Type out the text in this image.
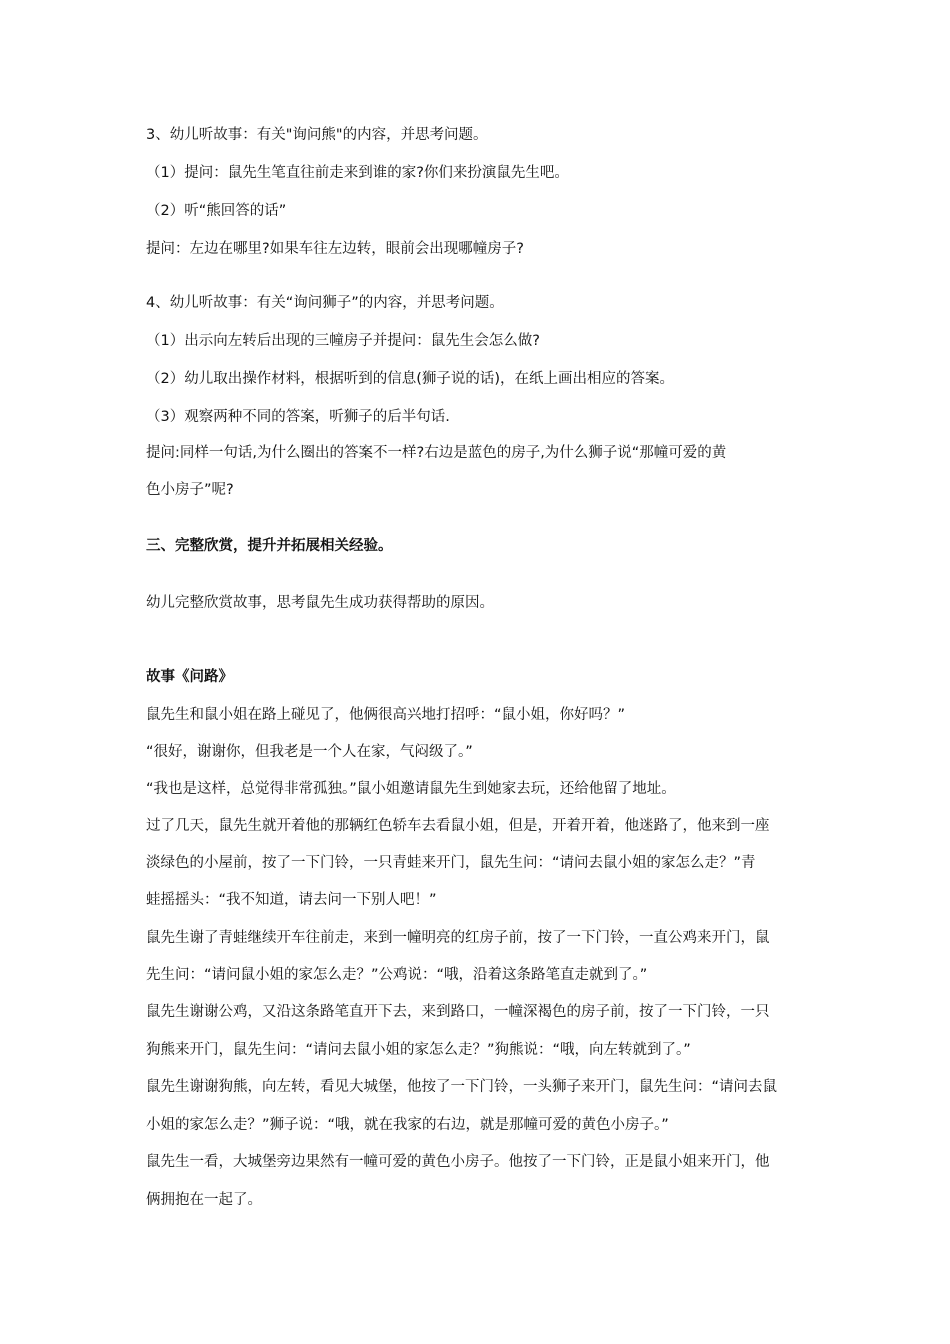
3、幼儿听故事：有关"询问熊"的内容，并思考问题。
（1）提问：鼠先生笔直往前走来到谁的家?你们来扮演鼠先生吧。
（2）听“熊回答的话”
提问：左边在哪里?如果车往左边转，眼前会出现哪幢房子?
4、幼儿听故事：有关“询问狮子”的内容，并思考问题。
（1）出示向左转后出现的三幢房子并提问：鼠先生会怎么做?
（2）幼儿取出操作材料，根据听到的信息(狮子说的话)，在纸上画出相应的答案。
（3）观察两种不同的答案，听狮子的后半句话.
提问:同样一句话,为什么圈出的答案不一样?右边是蓝色的房子,为什么狮子说“那幢可爱的黄
色小房子”呢?
三、完整欣赏，提升并拓展相关经验。
幼儿完整欣赏故事，思考鼠先生成功获得帮助的原因。
故事《问路》
鼠先生和鼠小姐在路上碰见了，他俩很高兴地打招呼：“鼠小姐，你好吗？”
“很好，谢谢你，但我老是一个人在家，气闷级了。”
“我也是这样，总觉得非常孤独。”鼠小姐邀请鼠先生到她家去玩，还给他留了地址。
过了几天，鼠先生就开着他的那辆红色轿车去看鼠小姐，但是，开着开着，他迷路了，他来到一座
淡绿色的小屋前，按了一下门铃，一只青蛙来开门，鼠先生问：“请问去鼠小姐的家怎么走？”青
蛙摇摇头：“我不知道，请去问一下别人吧！”
鼠先生谢了青蛙继续开车往前走，来到一幢明亮的红房子前，按了一下门铃，一直公鸡来开门，鼠
先生问：“请问鼠小姐的家怎么走？”公鸡说：“哦，沿着这条路笔直走就到了。”
鼠先生谢谢公鸡，又沿这条路笔直开下去，来到路口，一幢深褐色的房子前，按了一下门铃，一只
狗熊来开门，鼠先生问：“请问去鼠小姐的家怎么走？”狗熊说：“哦，向左转就到了。”
鼠先生谢谢狗熊，向左转，看见大城堡，他按了一下门铃，一头狮子来开门，鼠先生问：“请问去鼠
小姐的家怎么走？”狮子说：“哦，就在我家的右边，就是那幢可爱的黄色小房子。”
鼠先生一看，大城堡旁边果然有一幢可爱的黄色小房子。他按了一下门铃，正是鼠小姐来开门，他
俩拥抱在一起了。
